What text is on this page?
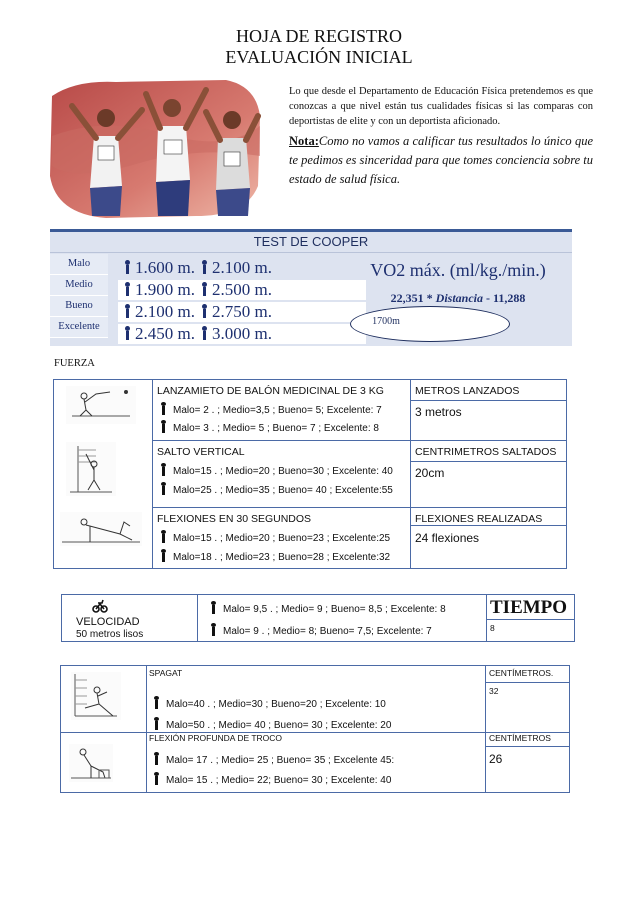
HOJA DE REGISTRO
EVALUACIÓN INICIAL
Lo que desde el Departamento de Educación Física pretendemos es que conozcas a que nivel están tus cualidades físicas si las comparas con deportistas de elite y con un deportista aficionado.
Nota:Como no vamos a calificar tus resultados lo único que te pedimos es sinceridad para que tomes conciencia sobre tu estado de salud física.
TEST DE COOPER
Malo
Medio
Bueno
Excelente
1.600 m. 2.100 m.
1.900 m. 2.500 m.
2.100 m. 2.750 m.
2.450 m. 3.000 m.
VO2 máx. (ml/kg./min.)
22,351 * Distancia - 11,288
1700m
FUERZA
LANZAMIETO DE BALÓN MEDICINAL DE 3 KG
Malo= 2 . ; Medio=3,5 ; Bueno= 5; Excelente: 7
Malo= 3 . ; Medio= 5 ; Bueno= 7 ; Excelente: 8
METROS LANZADOS
3 metros
SALTO VERTICAL
Malo=15 . ; Medio=20 ; Bueno=30 ; Excelente: 40
Malo=25 . ; Medio=35 ; Bueno= 40 ; Excelente:55
CENTRIMETROS SALTADOS
20cm
FLEXIONES EN 30 SEGUNDOS
Malo=15 . ; Medio=20 ; Bueno=23 ; Excelente:25
Malo=18 . ; Medio=23 ; Bueno=28 ; Excelente:32
FLEXIONES REALIZADAS
24 flexiones
VELOCIDAD
50 metros lisos
Malo= 9,5 . ; Medio= 9 ; Bueno= 8,5 ; Excelente: 8
Malo= 9 . ; Medio= 8; Bueno= 7,5; Excelente: 7
TIEMPO
8
SPAGAT
Malo=40 . ; Medio=30 ; Bueno=20 ; Excelente: 10
Malo=50 . ; Medio= 40 ; Bueno= 30 ; Excelente: 20
CENTÍMETROS.
32
FLEXIÓN PROFUNDA DE TROCO
Malo= 17 . ; Medio= 25 ; Bueno= 35 ; Excelente 45:
Malo= 15 . ; Medio= 22; Bueno= 30 ; Excelente: 40
CENTÍMETROS
26
